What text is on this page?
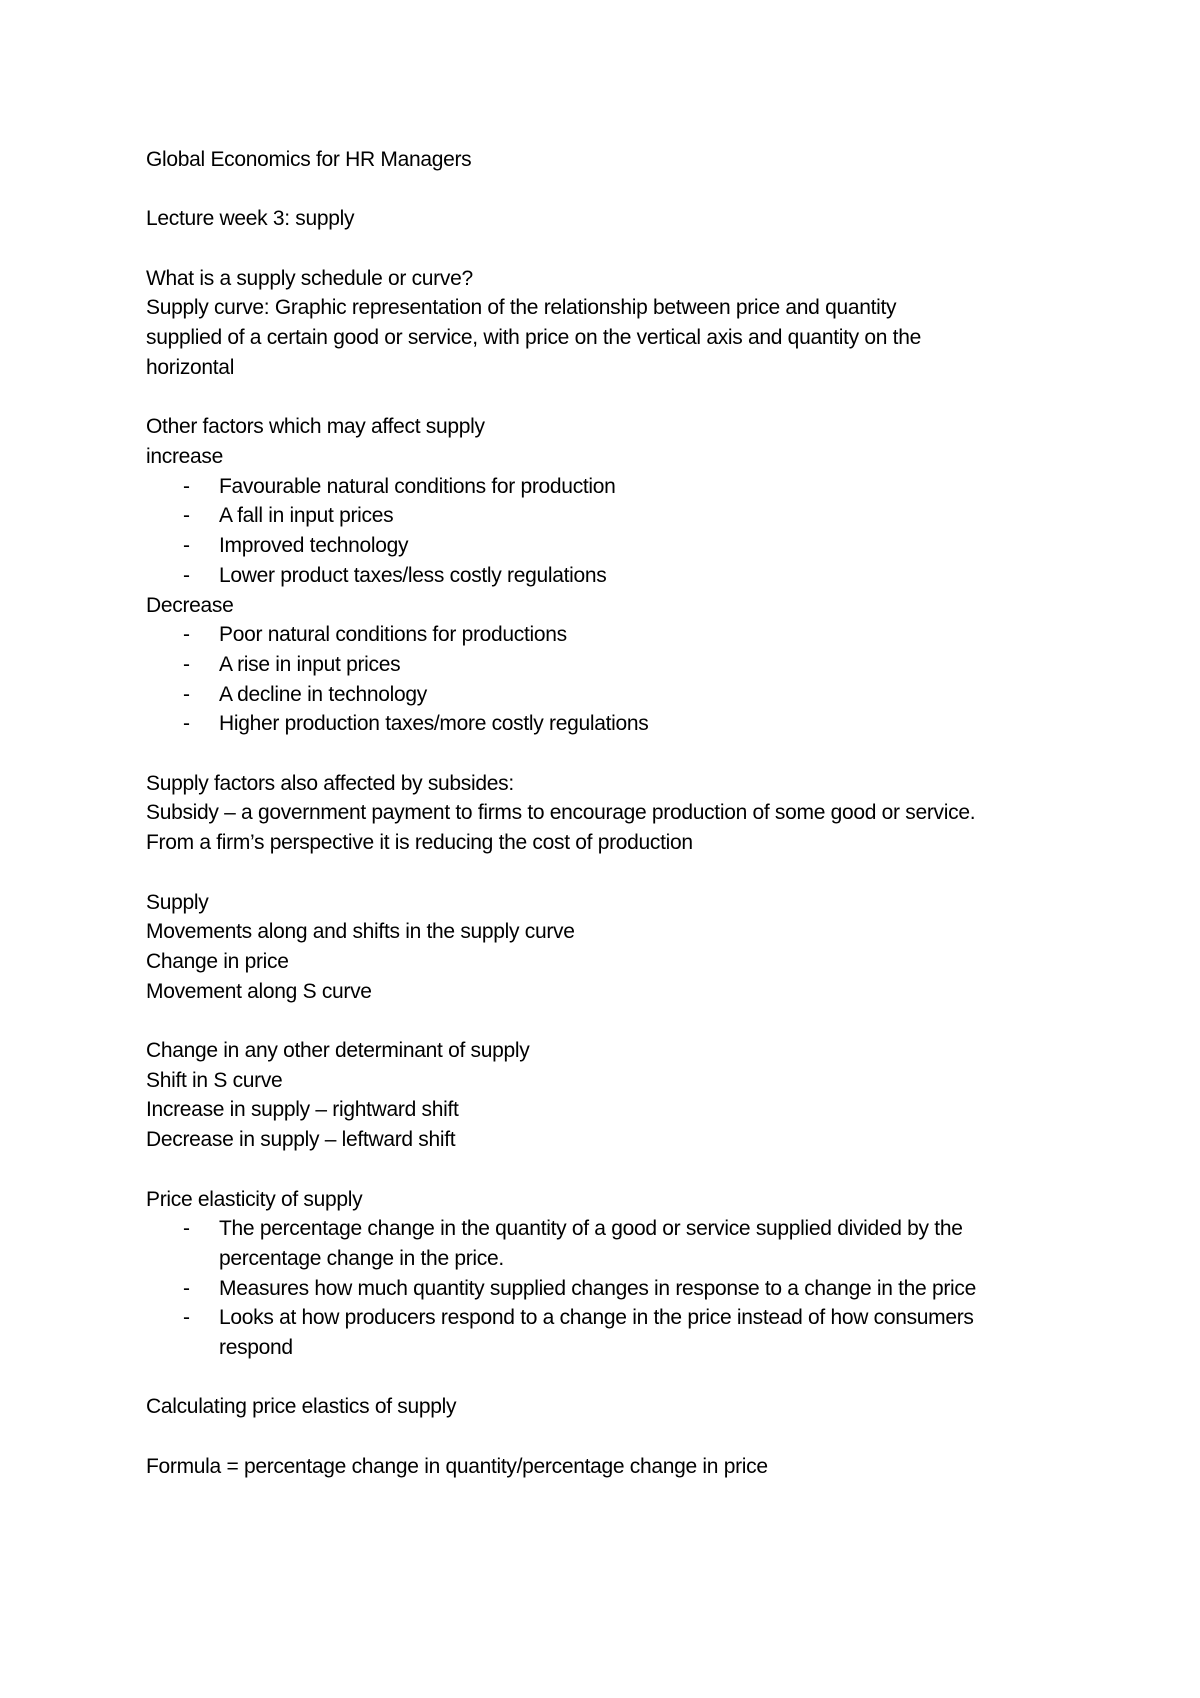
Global Economics for HR Managers
Lecture week 3: supply
What is a supply schedule or curve?
Supply curve: Graphic representation of the relationship between price and quantity
supplied of a certain good or service, with price on the vertical axis and quantity on the
horizontal
Other factors which may affect supply
increase
- Favourable natural conditions for production
- A fall in input prices
- Improved technology
- Lower product taxes/less costly regulations
Decrease
- Poor natural conditions for productions
- A rise in input prices
- A decline in technology
- Higher production taxes/more costly regulations
Supply factors also affected by subsides:
Subsidy – a government payment to firms to encourage production of some good or service.
From a firm’s perspective it is reducing the cost of production
Supply
Movements along and shifts in the supply curve
Change in price
Movement along S curve
Change in any other determinant of supply
Shift in S curve
Increase in supply – rightward shift
Decrease in supply – leftward shift
Price elasticity of supply
- The percentage change in the quantity of a good or service supplied divided by the
percentage change in the price.
- Measures how much quantity supplied changes in response to a change in the price
- Looks at how producers respond to a change in the price instead of how consumers
respond
Calculating price elastics of supply
Formula = percentage change in quantity/percentage change in price
